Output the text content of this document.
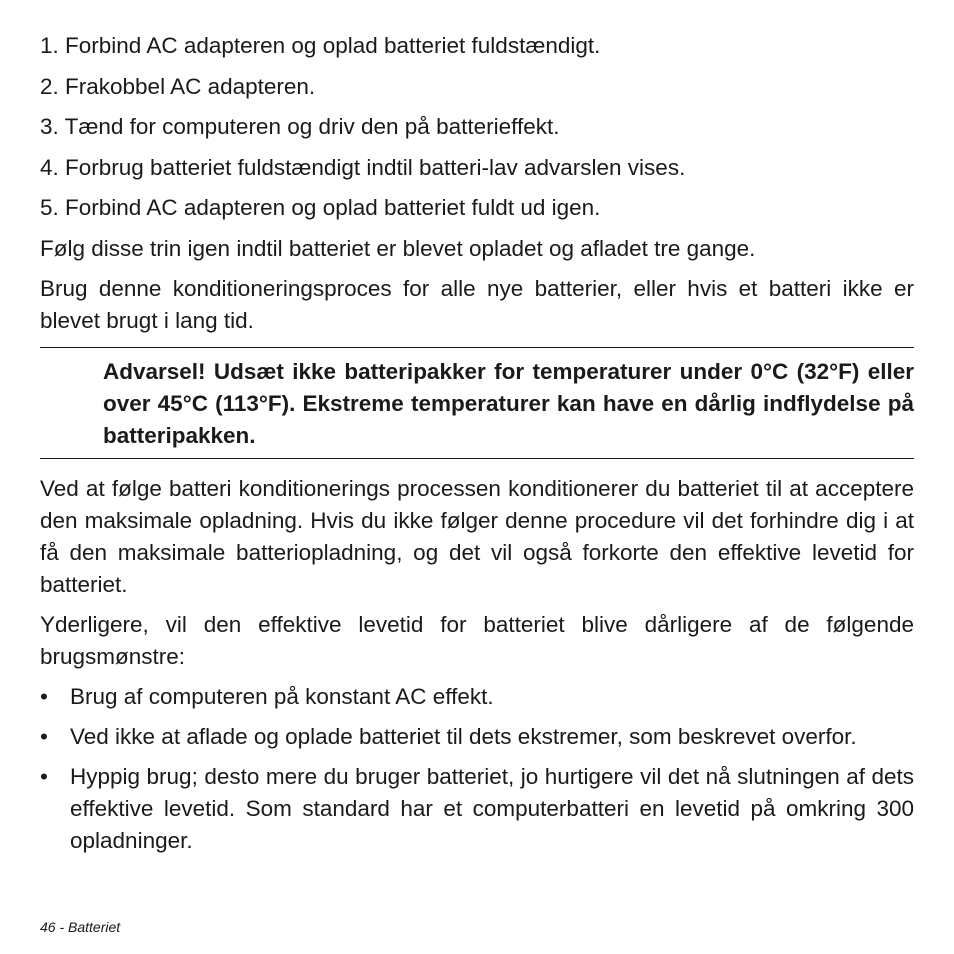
1. Forbind AC adapteren og oplad batteriet fuldstændigt.
2. Frakobbel AC adapteren.
3. Tænd for computeren og driv den på batterieffekt.
4. Forbrug batteriet fuldstændigt indtil batteri-lav advarslen vises.
5. Forbind AC adapteren og oplad batteriet fuldt ud igen.

Følg disse trin igen indtil batteriet er blevet opladet og afladet tre gange.

Brug denne konditioneringsproces for alle nye batterier, eller hvis et batteri ikke er blevet brugt i lang tid.

Advarsel! Udsæt ikke batteripakker for temperaturer under 0°C (32°F) eller over 45°C (113°F). Ekstreme temperaturer kan have en dårlig indflydelse på batteripakken.

Ved at følge batteri konditionerings processen konditionerer du batteriet til at acceptere den maksimale opladning. Hvis du ikke følger denne procedure vil det forhindre dig i at få den maksimale batteriopladning, og det vil også forkorte den effektive levetid for batteriet.

Yderligere, vil den effektive levetid for batteriet blive dårligere af de følgende brugsmønstre:

• Brug af computeren på konstant AC effekt.
• Ved ikke at aflade og oplade batteriet til dets ekstremer, som beskrevet overfor.
• Hyppig brug; desto mere du bruger batteriet, jo hurtigere vil det nå slutningen af dets effektive levetid. Som standard har et computerbatteri en levetid på omkring 300 opladninger.
46 - Batteriet
